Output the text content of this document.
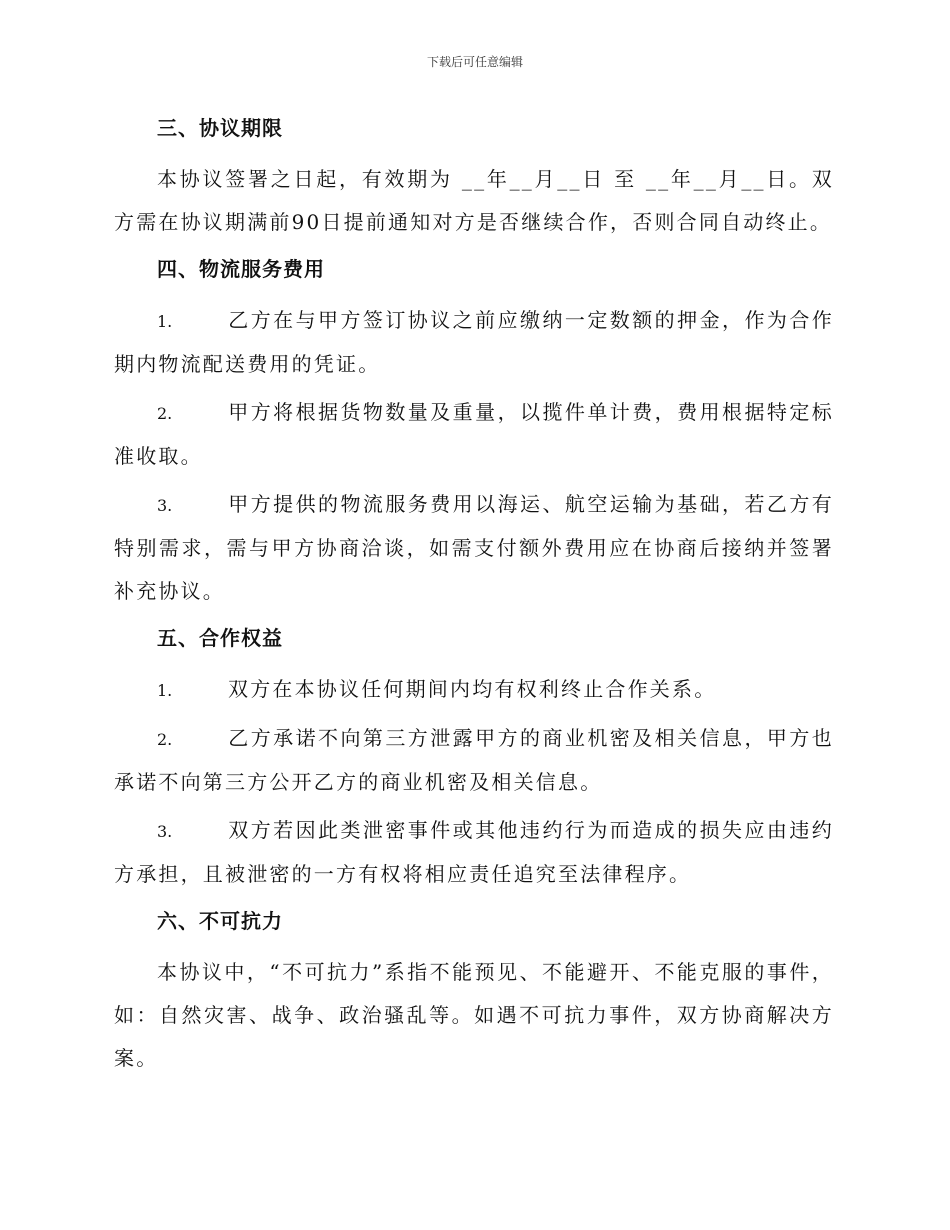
下载后可任意编辑
三、协议期限
本协议签署之日起，有效期为 __年__月__日 至 __年__月__日。双方需在协议期满前90日提前通知对方是否继续合作，否则合同自动终止。
四、物流服务费用
1.	乙方在与甲方签订协议之前应缴纳一定数额的押金，作为合作期内物流配送费用的凭证。
2.	甲方将根据货物数量及重量，以揽件单计费，费用根据特定标准收取。
3.	甲方提供的物流服务费用以海运、航空运输为基础，若乙方有特别需求，需与甲方协商洽谈，如需支付额外费用应在协商后接纳并签署补充协议。
五、合作权益
1.	双方在本协议任何期间内均有权利终止合作关系。
2.	乙方承诺不向第三方泄露甲方的商业机密及相关信息，甲方也承诺不向第三方公开乙方的商业机密及相关信息。
3.	双方若因此类泄密事件或其他违约行为而造成的损失应由违约方承担，且被泄密的一方有权将相应责任追究至法律程序。
六、不可抗力
本协议中，“不可抗力”系指不能预见、不能避开、不能克服的事件，如：自然灾害、战争、政治骚乱等。如遇不可抗力事件，双方协商解决方案。
